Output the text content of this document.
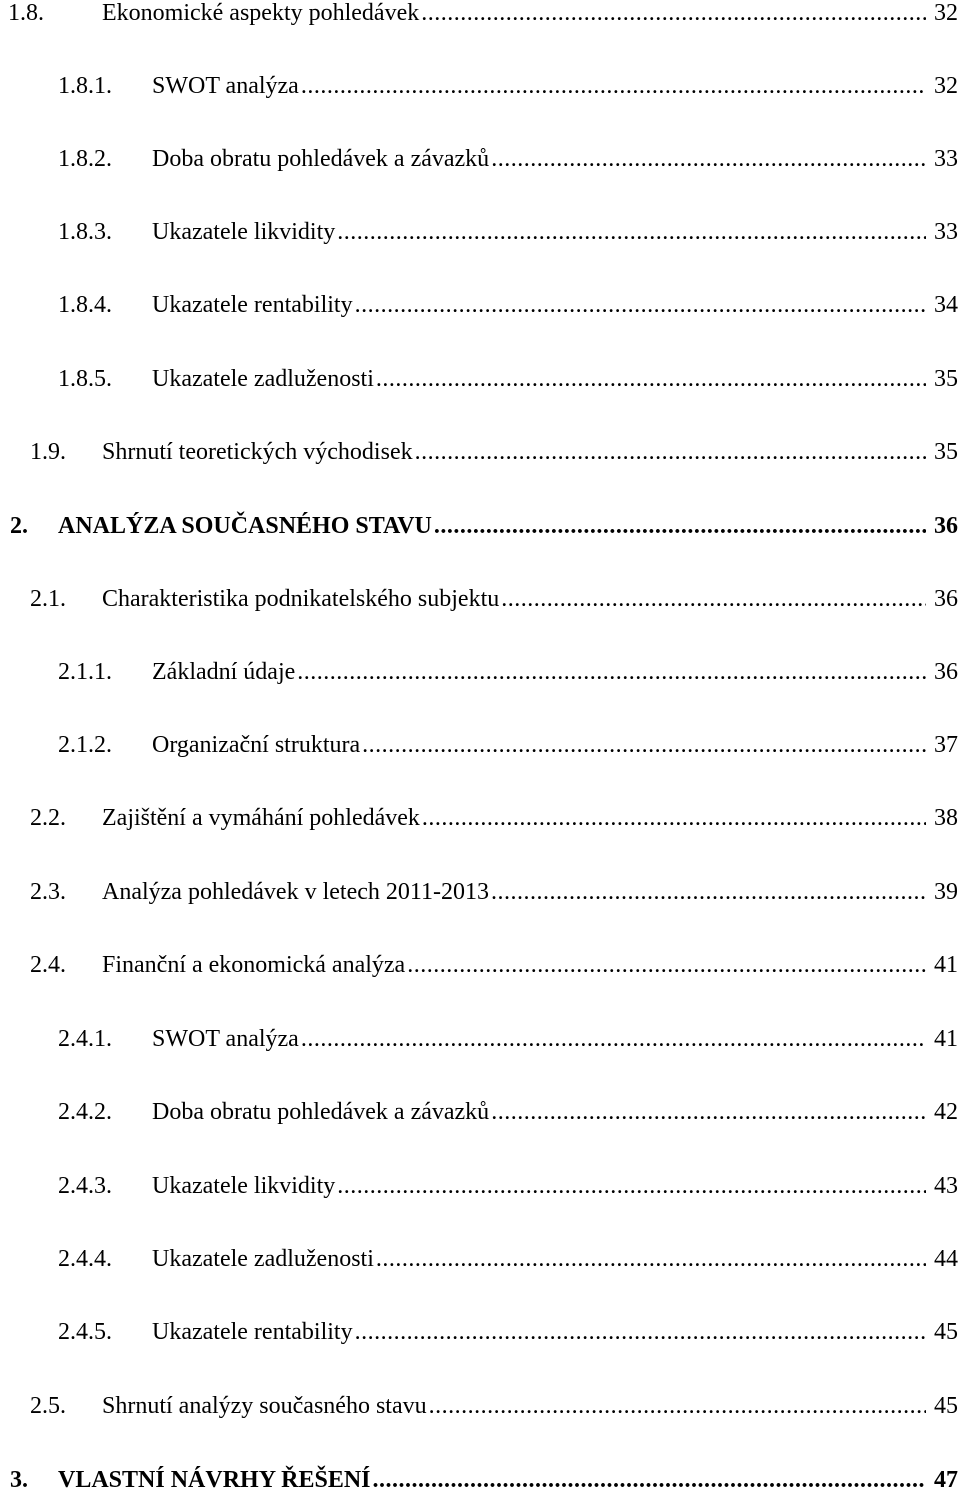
1.8.	Ekonomické aspekty pohledávek .....	32
1.8.1.	SWOT analýza .....	32
1.8.2.	Doba obratu pohledávek a závazků .....	33
1.8.3.	Ukazatele likvidity .....	33
1.8.4.	Ukazatele rentability .....	34
1.8.5.	Ukazatele zadluženosti .....	35
1.9.	Shrnutí teoretických východisek .....	35
2.	ANALÝZA SOUČASNÉHO STAVU .....	36
2.1.	Charakteristika podnikatelského subjektu .....	36
2.1.1.	Základní údaje .....	36
2.1.2.	Organizační struktura .....	37
2.2.	Zajištění a vymáhání pohledávek .....	38
2.3.	Analýza pohledávek v letech 2011-2013 .....	39
2.4.	Finanční a ekonomická analýza .....	41
2.4.1.	SWOT analýza .....	41
2.4.2.	Doba obratu pohledávek a závazků .....	42
2.4.3.	Ukazatele likvidity .....	43
2.4.4.	Ukazatele zadluženosti .....	44
2.4.5.	Ukazatele rentability .....	45
2.5.	Shrnutí analýzy současného stavu .....	45
3.	VLASTNÍ NÁVRHY ŘEŠENÍ .....	47
